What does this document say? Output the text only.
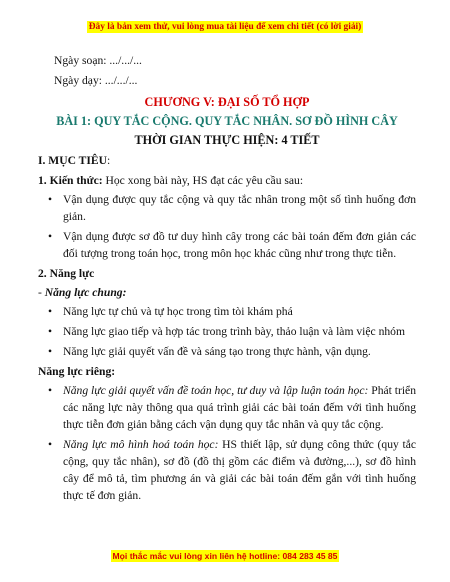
Đây là bản xem thử, vui lòng mua tài liệu để xem chi tiết (có lời giải)
Ngày soạn: .../.../...
Ngày dạy: .../.../...
CHƯƠNG V: ĐẠI SỐ TỔ HỢP
BÀI 1: QUY TẮC CỘNG. QUY TẮC NHÂN. SƠ ĐỒ HÌNH CÂY
THỜI GIAN THỰC HIỆN: 4 TIẾT
I. MỤC TIÊU:
1. Kiến thức: Học xong bài này, HS đạt các yêu cầu sau:
• Vận dụng được quy tắc cộng và quy tắc nhân trong một số tình huống đơn giản.
• Vận dụng được sơ đồ tư duy hình cây trong các bài toán đếm đơn giản các đối tượng trong toán học, trong môn học khác cũng như trong thực tiễn.
2. Năng lực
- Năng lực chung:
• Năng lực tự chủ và tự học trong tìm tòi khám phá
• Năng lực giao tiếp và hợp tác trong trình bày, thảo luận và làm việc nhóm
• Năng lực giải quyết vấn đề và sáng tạo trong thực hành, vận dụng.
Năng lực riêng:
• Năng lực giải quyết vấn đề toán học, tư duy và lập luận toán học: Phát triển các năng lực này thông qua quá trình giải các bài toán đếm với tình huống thực tiễn đơn giản bằng cách vận dụng quy tắc nhân và quy tắc cộng.
• Năng lực mô hình hoá toán học: HS thiết lập, sử dụng công thức (quy tắc cộng, quy tắc nhân), sơ đồ (đồ thị gồm các điểm và đường,...), sơ đồ hình cây để mô tả, tìm phương án và giải các bài toán đếm gắn với tình huống thực tế đơn giản.
Mọi thắc mắc vui lòng xin liên hệ hotline: 084 283 45 85
